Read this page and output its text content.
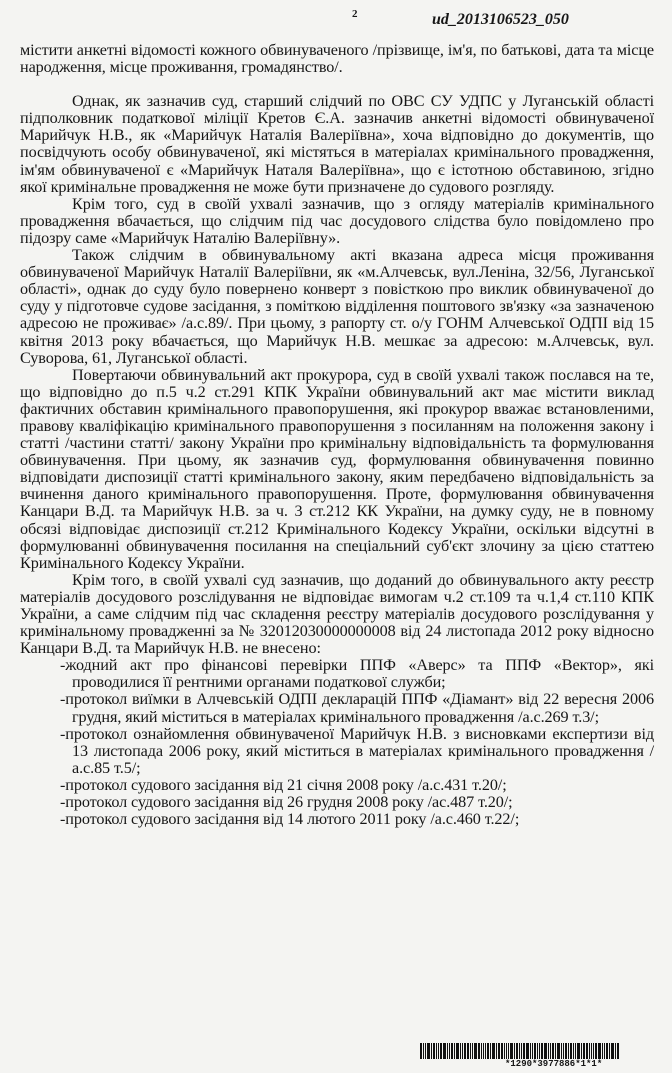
2	ud_2013106523_050

містити анкетні відомості кожного обвинуваченого /прізвище, ім'я, по батькові, дата та місце народження, місце проживання, громадянство/.

Однак, як зазначив суд, старший слідчий по ОВС СУ УДПС у Луганській області підполковник податкової міліції Кретов Є.А. зазначив анкетні відомості обвинуваченої Марийчук Н.В., як «Марийчук Наталія Валеріївна», хоча відповідно до документів, що посвідчують особу обвинуваченої, які містяться в матеріалах кримінального провадження, ім'ям обвинуваченої є «Марийчук Наталя Валеріївна», що є істотною обставиною, згідно якої кримінальне провадження не може бути призначене до судового розгляду.

Крім того, суд в своїй ухвалі зазначив, що з огляду матеріалів кримінального провадження вбачається, що слідчим під час досудового слідства було повідомлено про підозру саме «Марийчук Наталію Валеріївну».

Також слідчим в обвинувальному акті вказана адреса місця проживання обвинуваченої Марийчук Наталії Валеріївни, як «м.Алчевськ, вул.Леніна, 32/56, Луганської області», однак до суду було повернено конверт з повісткою про виклик обвинуваченої до суду у підготовче судове засідання, з поміткою відділення поштового зв'язку «за зазначеною адресою не проживає» /а.с.89/. При цьому, з рапорту ст. о/у ГОНМ Алчевської ОДПІ від 15 квітня 2013 року вбачається, що Марийчук Н.В. мешкає за адресою: м.Алчевськ, вул. Суворова, 61, Луганської області.

Повертаючи обвинувальний акт прокурора, суд в своїй ухвалі також послався на те, що відповідно до п.5 ч.2 ст.291 КПК України обвинувальний акт має містити виклад фактичних обставин кримінального правопорушення, які прокурор вважає встановленими, правову кваліфікацію кримінального правопорушення з посиланням на положення закону і статті /частини статті/ закону України про кримінальну відповідальність та формулювання обвинувачення. При цьому, як зазначив суд, формулювання обвинувачення повинно відповідати диспозиції статті кримінального закону, яким передбачено відповідальність за вчинення даного кримінального правопорушення. Проте, формулювання обвинувачення Канцари В.Д. та Марийчук Н.В. за ч. 3 ст.212 КК України, на думку суду, не в повному обсязі відповідає диспозиції ст.212 Кримінального Кодексу України, оскільки відсутні в формулюванні обвинувачення посилання на спеціальний суб'єкт злочину за цією статтею Кримінального Кодексу України.

Крім того, в своїй ухвалі суд зазначив, що доданий до обвинувального акту реєстр матеріалів досудового розслідування не відповідає вимогам ч.2 ст.109 та ч.1,4 ст.110 КПК України, а саме слідчим під час складення реєстру матеріалів досудового розслідування у кримінальному провадженні за № 32012030000000008 від 24 листопада 2012 року відносно Канцари В.Д. та Марийчук Н.В. не внесено:

-жодний акт про фінансові перевірки ППФ «Аверс» та ППФ «Вектор», які проводилися її рентними органами податкової служби;
-протокол виїмки в Алчевській ОДПІ декларацій ППФ «Діамант» від 22 вересня 2006 грудня, який міститься в матеріалах кримінального провадження /а.с.269 т.3/;
-протокол ознайомлення обвинуваченої Марийчук Н.В. з висновками експертизи від 13 листопада 2006 року, який міститься в матеріалах кримінального провадження /а.с.85 т.5/;
-протокол судового засідання від 21 січня 2008 року /а.с.431 т.20/;
-протокол судового засідання від 26 грудня 2008 року /ас.487 т.20/;
-протокол судового засідання від 14 лютого 2011 року /а.с.460 т.22/;
*1290*3977886*1*1*
